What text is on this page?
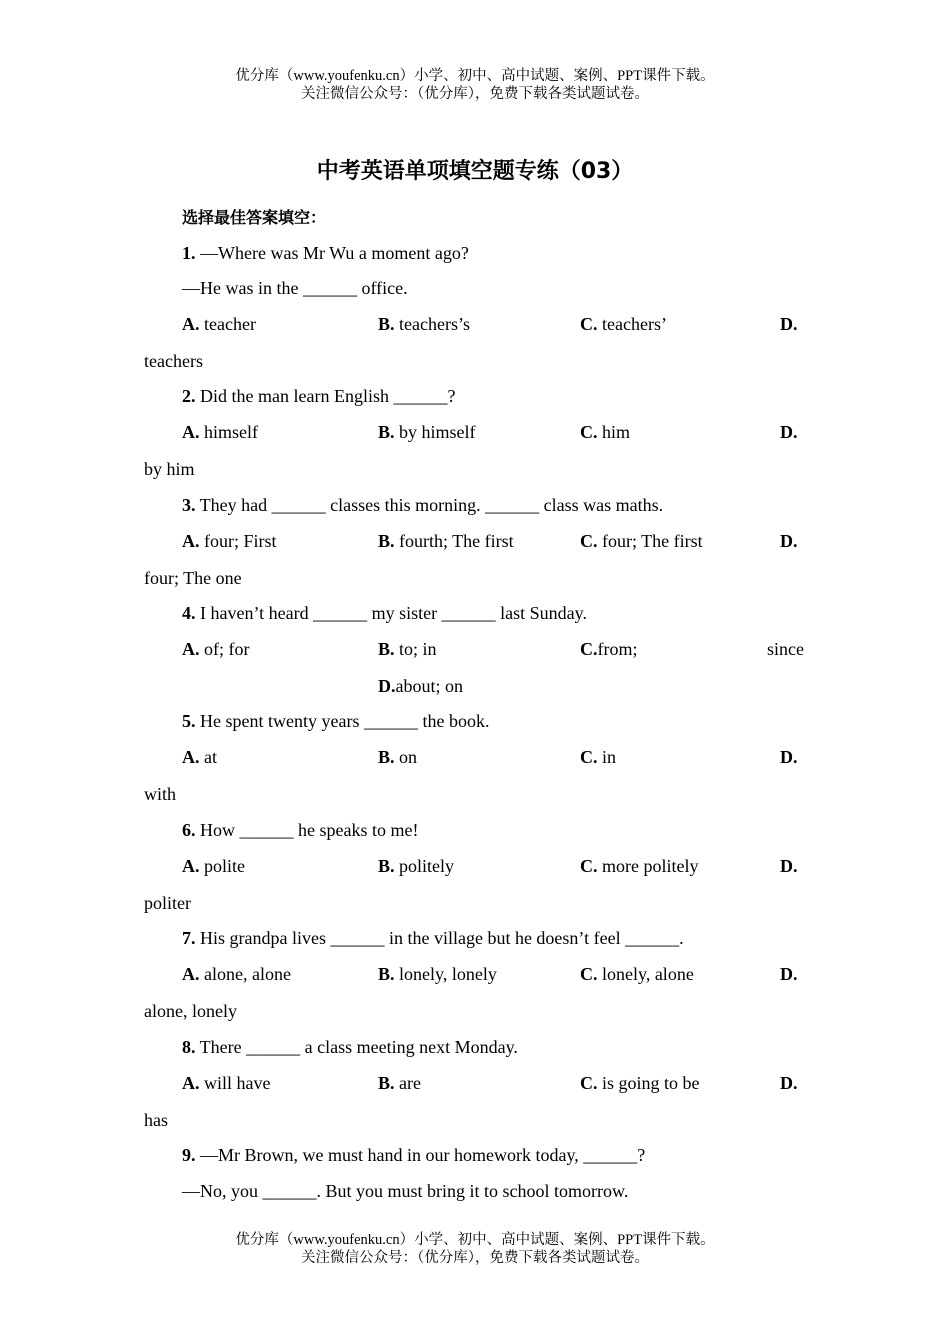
优分库（www.youfenku.cn）小学、初中、高中试题、案例、PPT课件下载。
关注微信公众号：（优分库），免费下载各类试题试卷。
中考英语单项填空题专练（03）
选择最佳答案填空：
1. —Where was Mr Wu a moment ago?
—He was in the ______ office.
A. teacher	B. teachers’s	C. teachers’	D.
teachers
2. Did the man learn English ______?
A. himself	B. by himself	C. him	D.
by him
3. They had ______ classes this morning. ______ class was maths.
A. four; First	B. fourth; The first	C. four; The first	D.
four; The one
4. I haven’t heard ______ my sister ______ last Sunday.
A. of; for	B. to; in	C.from;	since
D.about; on
5. He spent twenty years ______ the book.
A. at	B. on	C. in	D.
with
6. How ______ he speaks to me!
A. polite	B. politely	C. more politely	D.
politer
7. His grandpa lives ______ in the village but he doesn’t feel ______.
A. alone, alone	B. lonely, lonely	C. lonely, alone	D.
alone, lonely
8. There ______ a class meeting next Monday.
A. will have	B. are	C. is going to be	D.
has
9. —Mr Brown, we must hand in our homework today, ______?
—No, you ______. But you must bring it to school tomorrow.
优分库（www.youfenku.cn）小学、初中、高中试题、案例、PPT课件下载。
关注微信公众号：（优分库），免费下载各类试题试卷。
